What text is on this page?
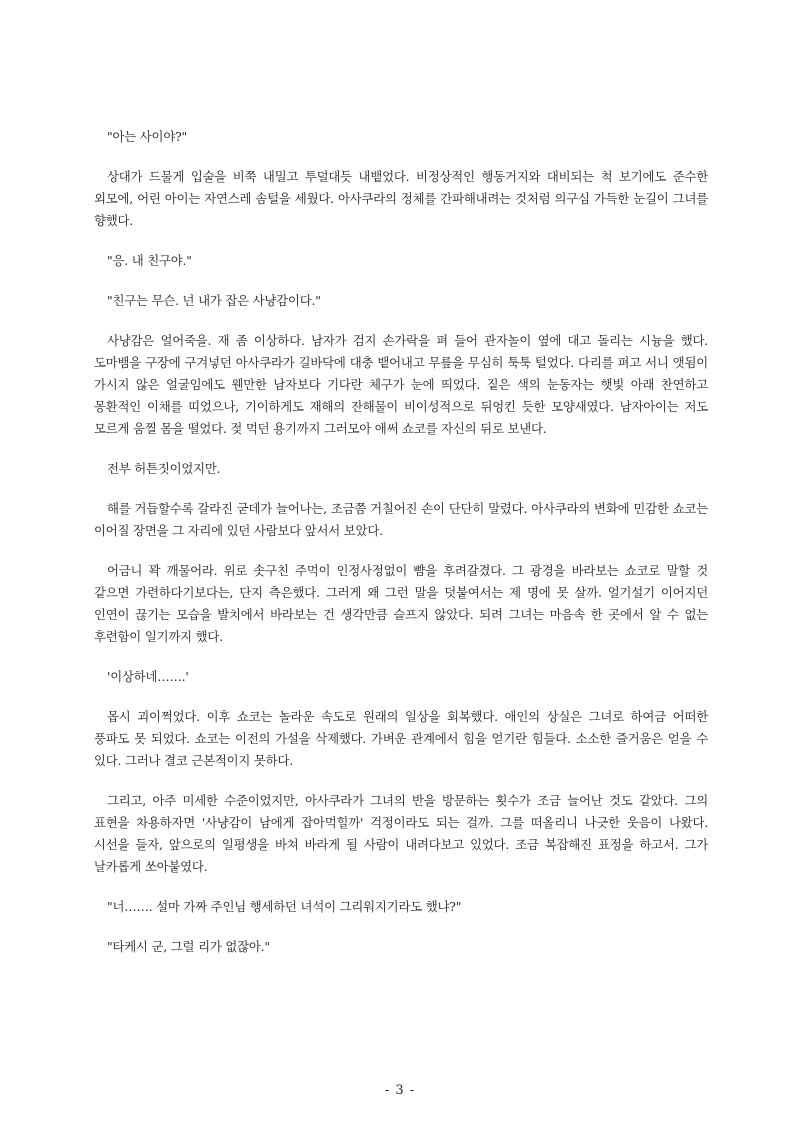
"아는 사이야?"

상대가 드물게 입술을 비쭉 내밀고 투덜대듯 내뱉었다. 비정상적인 행동거지와 대비되는 척 보기에도 준수한 외모에, 어린 아이는 자연스레 솜털을 세웠다. 아사쿠라의 정체를 간파해내려는 것처럼 의구심 가득한 눈길이 그녀를 향했다.

"응. 내 친구야."

"친구는 무슨. 넌 내가 잡은 사냥감이다."

사냥감은 얼어죽을. 재 좀 이상하다. 남자가 검지 손가락을 펴 들어 관자놀이 옆에 대고 돌리는 시늉을 했다. 도마뱀을 구장에 구겨넣던 아사쿠라가 길바닥에 대충 뱉어내고 무릎을 무심히 툭툭 털었다. 다리를 펴고 서니 앳됨이 가시지 않은 얼굴임에도 웬만한 남자보다 기다란 체구가 눈에 띄었다. 짙은 색의 눈동자는 햇빛 아래 찬연하고 몽환적인 이채를 띠었으나, 기이하게도 재해의 잔해물이 비이성적으로 뒤엉킨 듯한 모양새였다. 남자아이는 저도 모르게 움찔 몸을 떨었다. 젖 먹던 용기까지 그러모아 애써 쇼코를 자신의 뒤로 보낸다.

전부 허튼짓이었지만.

해를 거듭할수록 갈라진 굳데가 늘어나는, 조금쯤 거칠어진 손이 단단히 말렸다. 아사쿠라의 변화에 민감한 쇼코는 이어질 장면을 그 자리에 있던 사람보다 앞서서 보았다.

어금니 꽉 깨물어라. 위로 솟구친 주먹이 인정사정없이 뺨을 후려갈겼다. 그 광경을 바라보는 쇼코로 말할 것 같으면 가련하다기보다는, 단지 측은했다. 그러게 왜 그런 말을 덧붙여서는 제 명에 못 살까. 얼기설기 이어지던 인연이 끊기는 모습을 발치에서 바라보는 건 생각만큼 슬프지 않았다. 되려 그녀는 마음속 한 곳에서 알 수 없는 후련함이 일기까지 했다.

'이상하네…….'

몹시 괴이쩍었다. 이후 쇼코는 놀라운 속도로 원래의 일상을 회복했다. 애인의 상실은 그녀로 하여금 어떠한 풍파도 못 되었다. 쇼코는 이전의 가설을 삭제했다. 가벼운 관계에서 힘을 얻기란 힘들다. 소소한 즐거움은 얻을 수 있다. 그러나 결코 근본적이지 못하다.

그리고, 아주 미세한 수준이었지만, 아사쿠라가 그녀의 반을 방문하는 횟수가 조금 늘어난 것도 같았다. 그의 표현을 차용하자면 '사냥감이 남에게 잡아먹힐까' 걱정이라도 되는 걸까. 그를 떠올리니 나긋한 웃음이 나왔다. 시선을 들자, 앞으로의 일평생을 바쳐 바라게 될 사람이 내려다보고 있었다. 조금 복잡해진 표정을 하고서. 그가 날카롭게 쏘아붙였다.

"너……. 설마 가짜 주인님 행세하던 녀석이 그리워지기라도 했냐?"

"타케시 군, 그럴 리가 없잖아."

- 3 -
